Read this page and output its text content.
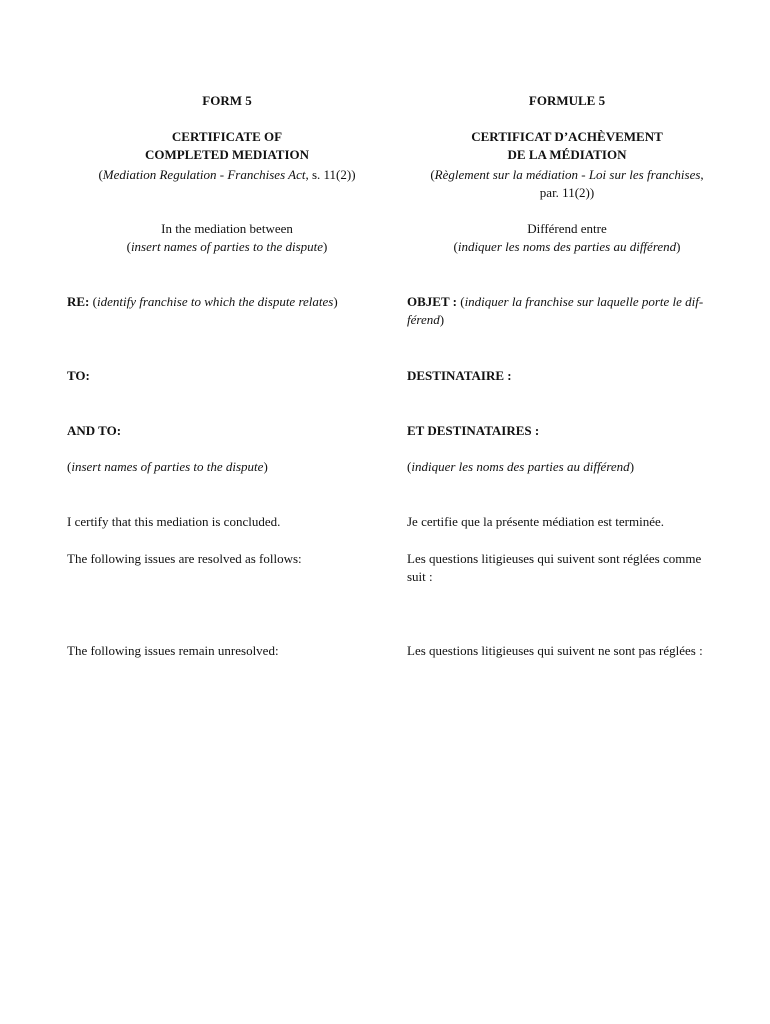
FORM 5
CERTIFICATE OF
COMPLETED MEDIATION
(Mediation Regulation - Franchises Act, s. 11(2))
In the mediation between
(insert names of parties to the dispute)
RE: (identify franchise to which the dispute relates)
TO:
AND TO:
(insert names of parties to the dispute)
I certify that this mediation is concluded.
The following issues are resolved as follows:
The following issues remain unresolved:
FORMULE 5
CERTIFICAT D’ACHÈVEMENT
DE LA MÉDIATION
(Règlement sur la médiation - Loi sur les franchises,
par. 11(2))
Différend entre
(indiquer les noms des parties au différend)
OBJET : (indiquer la franchise sur laquelle porte le dif-
férend)
DESTINATAIRE :
ET DESTINATAIRES :
(indiquer les noms des parties au différend)
Je certifie que la présente médiation est terminée.
Les questions litigieuses qui suivent sont réglées comme
suit :
Les questions litigieuses qui suivent ne sont pas réglées :
